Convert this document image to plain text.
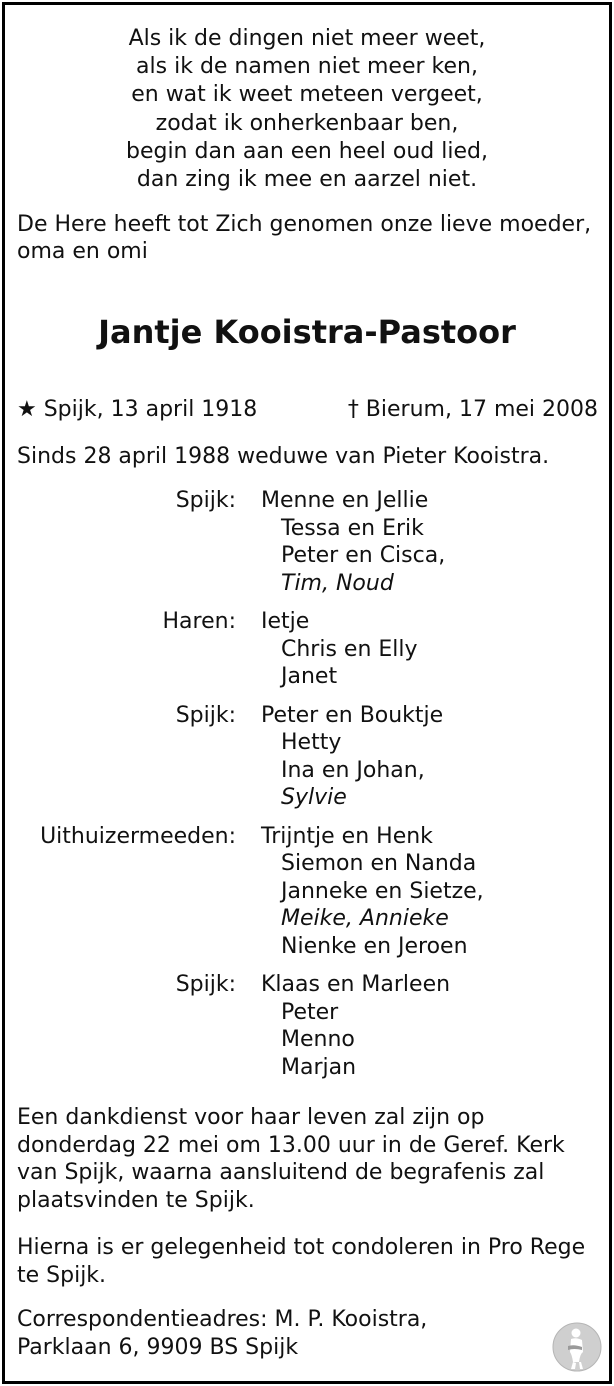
Als ik de dingen niet meer weet,
als ik de namen niet meer ken,
en wat ik weet meteen vergeet,
zodat ik onherkenbaar ben,
begin dan aan een heel oud lied,
dan zing ik mee en aarzel niet.
De Here heeft tot Zich genomen onze lieve moeder,
oma en omi
Jantje Kooistra-Pastoor
★ Spijk, 13 april 1918	† Bierum, 17 mei 2008
Sinds 28 april 1988 weduwe van Pieter Kooistra.
Spijk: Menne en Jellie
Tessa en Erik
Peter en Cisca,
Tim, Noud
Haren: Ietje
Chris en Elly
Janet
Spijk: Peter en Bouktje
Hetty
Ina en Johan,
Sylvie
Uithuizermeeden: Trijntje en Henk
Siemon en Nanda
Janneke en Sietze,
Meike, Annieke
Nienke en Jeroen
Spijk: Klaas en Marleen
Peter
Menno
Marjan
Een dankdienst voor haar leven zal zijn op
donderdag 22 mei om 13.00 uur in de Geref. Kerk
van Spijk, waarna aansluitend de begrafenis zal
plaatsvinden te Spijk.
Hierna is er gelegenheid tot condoleren in Pro Rege
te Spijk.
Correspondentieadres: M. P. Kooistra,
Parklaan 6, 9909 BS Spijk
